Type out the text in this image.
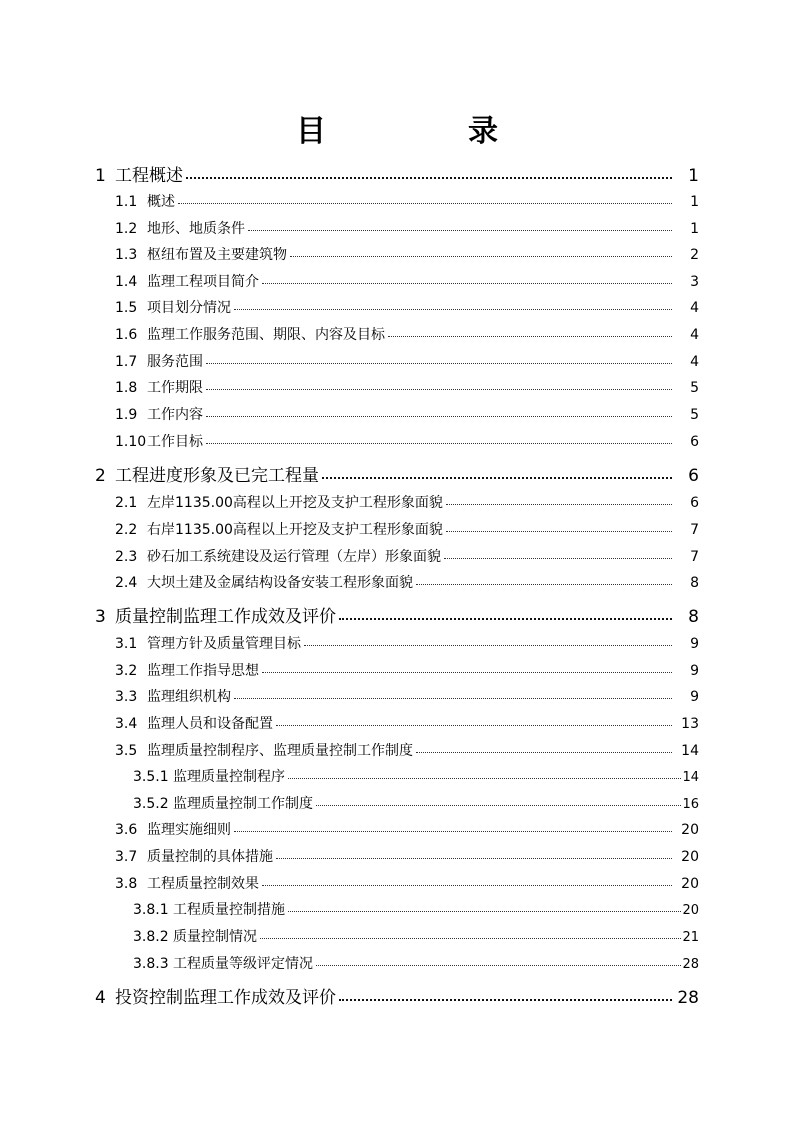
目　录
1 工程概述	1
1.1 概述	1
1.2 地形、地质条件	1
1.3 枢纽布置及主要建筑物	2
1.4 监理工程项目简介	3
1.5 项目划分情况	4
1.6 监理工作服务范围、期限、内容及目标	4
1.7 服务范围	4
1.8 工作期限	5
1.9 工作内容	5
1.10 工作目标	6
2 工程进度形象及已完工程量	6
2.1 左岸1135.00高程以上开挖及支护工程形象面貌	6
2.2 右岸1135.00高程以上开挖及支护工程形象面貌	7
2.3 砂石加工系统建设及运行管理（左岸）形象面貌	7
2.4 大坝土建及金属结构设备安装工程形象面貌	8
3 质量控制监理工作成效及评价	8
3.1 管理方针及质量管理目标	9
3.2 监理工作指导思想	9
3.3 监理组织机构	9
3.4 监理人员和设备配置	13
3.5 监理质量控制程序、监理质量控制工作制度	14
3.5.1 监理质量控制程序	14
3.5.2 监理质量控制工作制度	16
3.6 监理实施细则	20
3.7 质量控制的具体措施	20
3.8 工程质量控制效果	20
3.8.1 工程质量控制措施	20
3.8.2 质量控制情况	21
3.8.3 工程质量等级评定情况	28
4 投资控制监理工作成效及评价	28
